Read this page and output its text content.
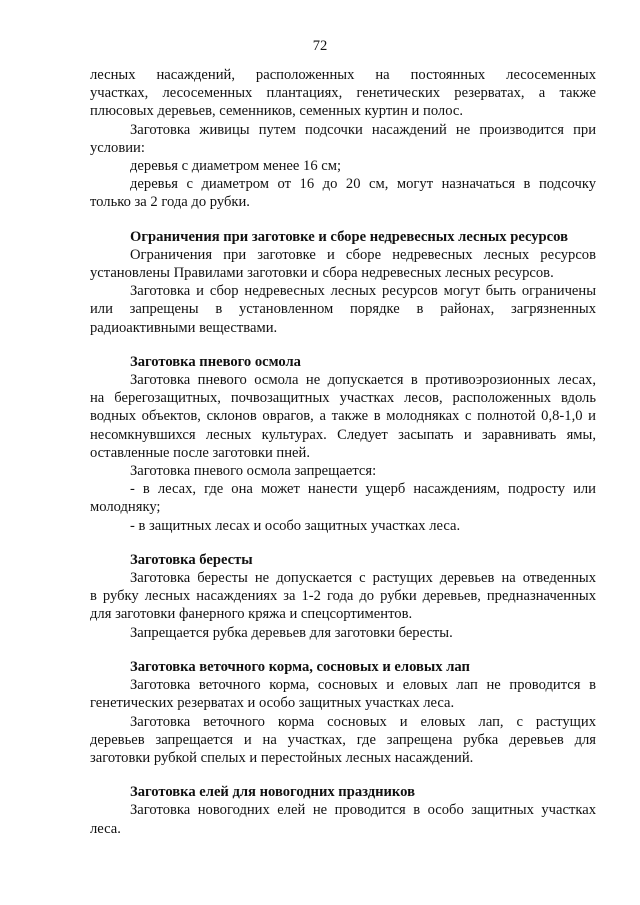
72

лесных насаждений, расположенных на постоянных лесосеменных

участках, лесосеменных плантациях, генетических резерватах, а также

плюсовых деревьев, семенников, семенных куртин и полос.

Заготовка живицы путем подсочки насаждений не производится при

условии:

деревья с диаметром менее 16 см;

деревья с диаметром от 16 до 20 см, могут назначаться в подсочку

только за 2 года до рубки.

Ограничения при заготовке и сборе недревесных лесных ресурсов

Ограничения при заготовке и сборе недревесных лесных ресурсов

установлены Правилами заготовки и сбора недревесных лесных ресурсов.

Заготовка и сбор недревесных лесных ресурсов могут быть ограничены

или запрещены в установленном порядке в районах, загрязненных

радиоактивными веществами.

Заготовка пневого осмола

Заготовка пневого осмола не допускается в противоэрозионных лесах,

на берегозащитных, почвозащитных участках лесов, расположенных вдоль

водных объектов, склонов оврагов, а также в молодняках с полнотой 0,8-1,0 и

несомкнувшихся лесных культурах. Следует засыпать и заравнивать ямы,

оставленные после заготовки пней.

Заготовка пневого осмола запрещается:

- в лесах, где она может нанести ущерб насаждениям, подросту или

молодняку;

- в защитных лесах и особо защитных участках леса.

Заготовка бересты

Заготовка бересты не допускается с растущих деревьев на отведенных

в рубку лесных насаждениях за 1-2 года до рубки деревьев, предназначенных

для заготовки фанерного кряжа и спецсортиментов.

Запрещается рубка деревьев для заготовки бересты.

Заготовка веточного корма, сосновых и еловых лап

Заготовка веточного корма, сосновых и еловых лап не проводится в

генетических резерватах и особо защитных участках леса.

Заготовка веточного корма сосновых и еловых лап, с растущих

деревьев запрещается и на участках, где запрещена рубка деревьев для

заготовки рубкой спелых и перестойных лесных насаждений.

Заготовка елей для новогодних праздников

Заготовка новогодних елей не проводится в особо защитных участках

леса.
